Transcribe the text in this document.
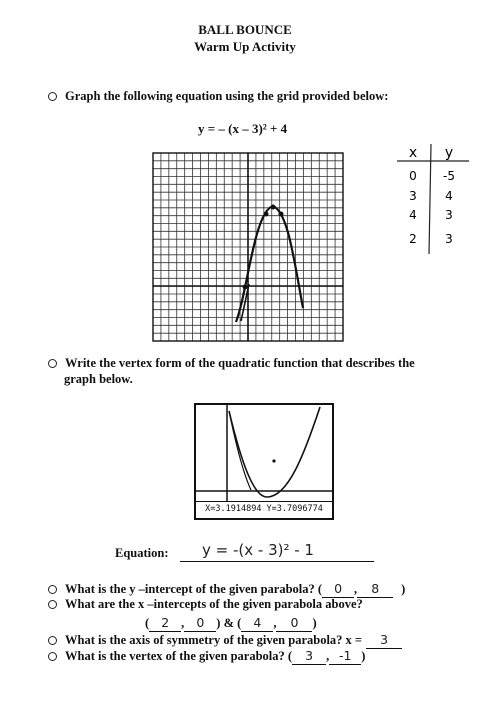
BALL BOUNCE
Warm Up Activity
Graph the following equation using the grid provided below:
y = – (x – 3)² + 4
x y
0 -5
3 4
4 3
2 3
Write the vertex form of the quadratic function that describes the
graph below.
X=3.1914894 Y=3.7096774
Equation: y = -(x - 3)² - 1
What is the y –intercept of the given parabola? ( 0 , 8 )
What are the x –intercepts of the given parabola above?
( 2 , 0 ) & ( 4 , 0 )
What is the axis of symmetry of the given parabola? x = 3
What is the vertex of the given parabola? ( 3 , -1 )
